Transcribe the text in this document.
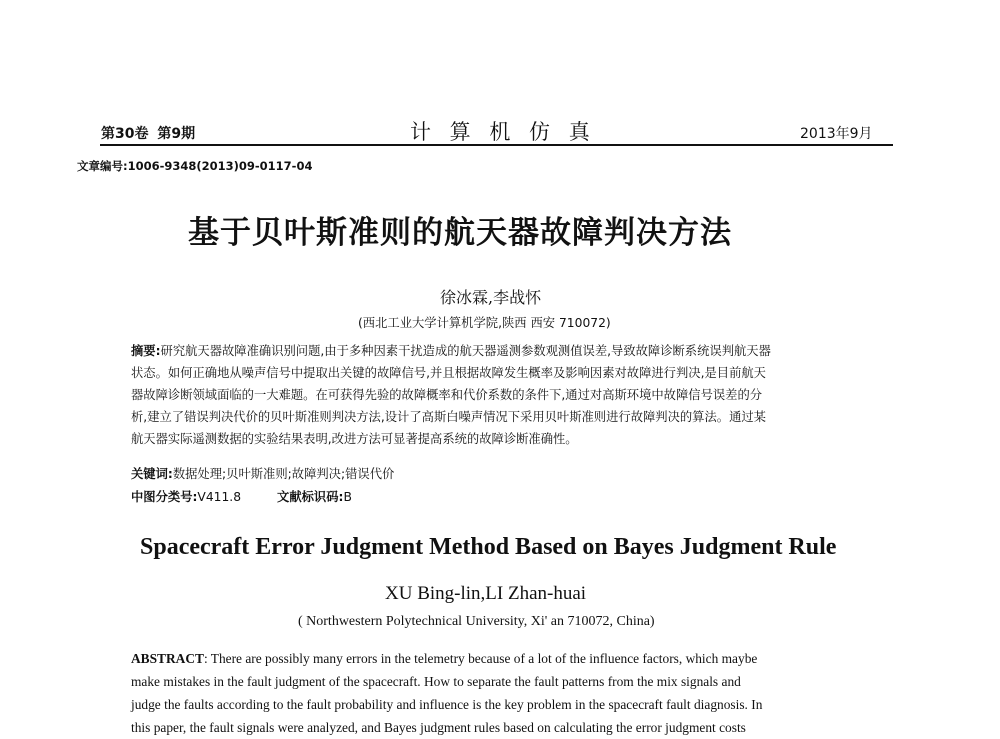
第30卷 第9期	计 算 机 仿 真	2013年9月
文章编号:1006-9348(2013)09-0117-04
基于贝叶斯准则的航天器故障判决方法
徐冰霖,李战怀
(西北工业大学计算机学院,陕西 西安 710072)
摘要:研究航天器故障准确识别问题,由于多种因素干扰造成的航天器遥测参数观测值误差,导致故障诊断系统误判航天器
状态。如何正确地从噪声信号中提取出关键的故障信号,并且根据故障发生概率及影响因素对故障进行判决,是目前航天
器故障诊断领域面临的一大难题。在可获得先验的故障概率和代价系数的条件下,通过对高斯环境中故障信号误差的分
析,建立了错误判决代价的贝叶斯准则判决方法,设计了高斯白噪声情况下采用贝叶斯准则进行故障判决的算法。通过某
航天器实际遥测数据的实验结果表明,改进方法可显著提高系统的故障诊断准确性。
关键词:数据处理;贝叶斯准则;故障判决;错误代价
中图分类号:V411.8	文献标识码:B
Spacecraft Error Judgment Method Based on Bayes Judgment Rule
XU Bing-lin,LI Zhan-huai
( Northwestern Polytechnical University, Xi' an 710072, China)
ABSTRACT: There are possibly many errors in the telemetry because of a lot of the influence factors, which maybe
make mistakes in the fault judgment of the spacecraft. How to separate the fault patterns from the mix signals and
judge the faults according to the fault probability and influence is the key problem in the spacecraft fault diagnosis. In
this paper, the fault signals were analyzed, and Bayes judgment rules based on calculating the error judgment costs
